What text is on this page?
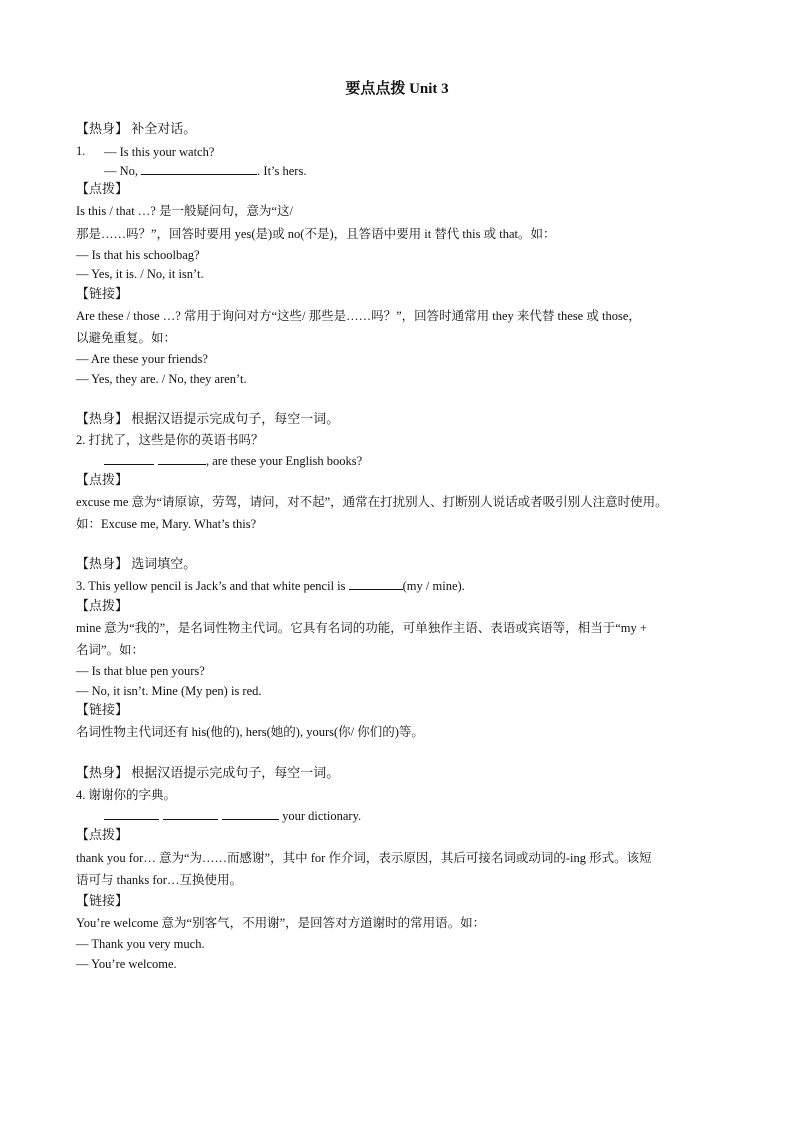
要点点拨 Unit 3
【热身】 补全对话。
1. — Is this your watch?
— No,	. It’s hers.
【点拨】
Is this / that …? 是一般疑问句，意为“这/
那是……吗？”，回答时要用 yes(是)或 no(不是)，且答语中要用 it 替代 this 或 that。如：
— Is that his schoolbag?
— Yes, it is. / No, it isn’t.
【链接】
Are these / those …? 常用于询问对方“这些/ 那些是……吗？”，回答时通常用 they 来代替 these 或 those，
以避免重复。如：
— Are these your friends?
— Yes, they are. / No, they aren’t.
【热身】 根据汉语提示完成句子，每空一词。
2. 打扰了，这些是你的英语书吗？
, are these your English books?
【点拨】
excuse me 意为“请原谅，劳驾，请问，对不起”，通常在打扰别人、打断别人说话或者吸引别人注意时使用。
如：Excuse me, Mary. What’s this?
【热身】 选词填空。
3. This yellow pencil is Jack’s and that white pencil is	(my / mine).
【点拨】
mine 意为“我的”，是名词性物主代词。它具有名词的功能，可单独作主语、表语或宾语等，相当于“my +
名词”。如：
— Is that blue pen yours?
— No, it isn’t. Mine (My pen) is red.
【链接】
名词性物主代词还有 his(他的), hers(她的), yours(你/ 你们的)等。
【热身】 根据汉语提示完成句子，每空一词。
4. 谢谢你的字典。
your dictionary.
【点拨】
thank you for… 意为“为……而感谢”，其中 for 作介词，表示原因，其后可接名词或动词的-ing 形式。该短
语可与 thanks for…互换使用。
【链接】
You’re welcome 意为“别客气，不用谢”，是回答对方道谢时的常用语。如：
— Thank you very much.
— You’re welcome.
